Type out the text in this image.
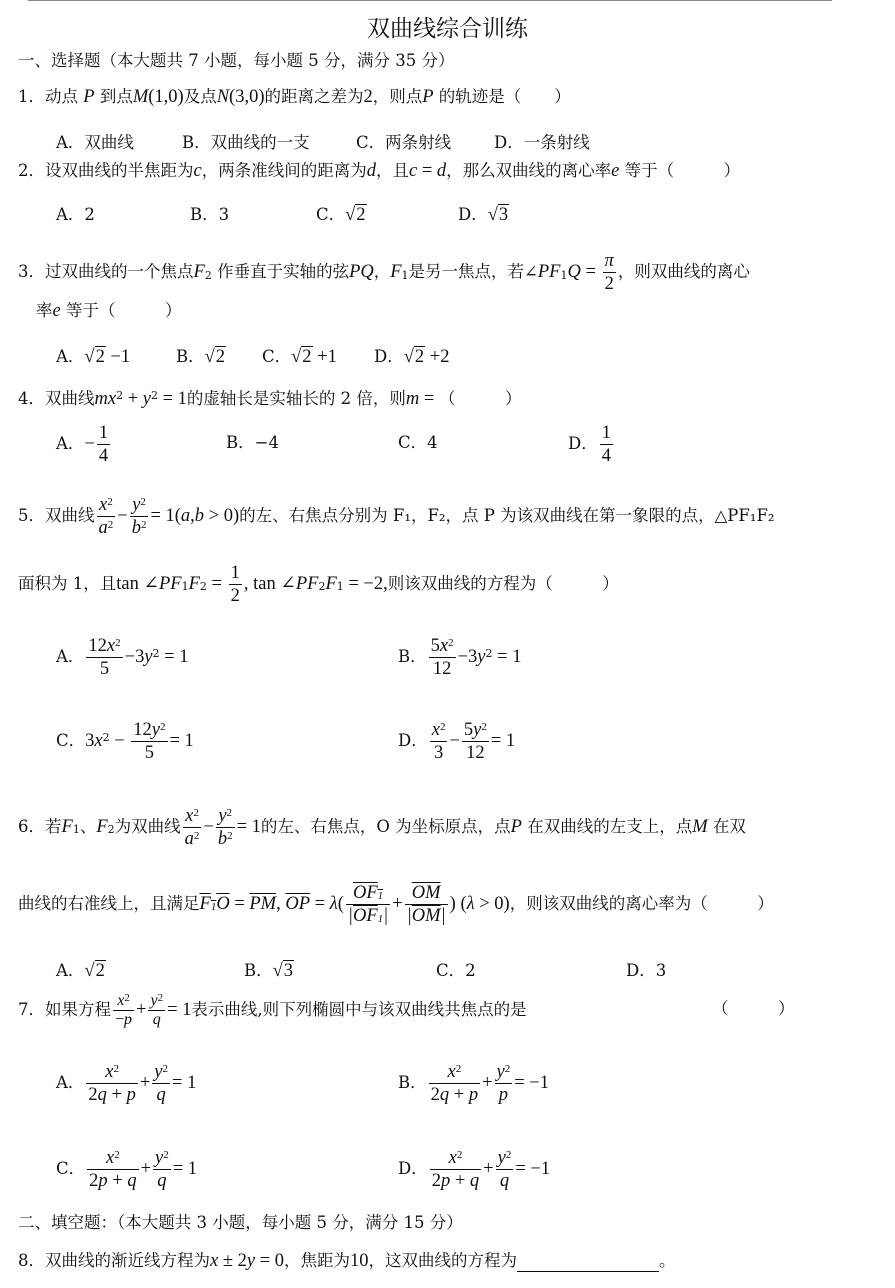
双曲线综合训练
一、选择题（本大题共 7 小题，每小题 5 分，满分 35 分）
1．动点 P 到点M(1,0)及点N(3,0)的距离之差为2，则点P 的轨迹是（　　）
A．双曲线	B．双曲线的一支	C．两条射线	D．一条射线
2．设双曲线的半焦距为c，两条准线间的距离为d，且c = d，那么双曲线的离心率e 等于（　　　）
A．2	B．3	C．√2	D．√3
3．过双曲线的一个焦点$F_2$ 作垂直于实轴的弦PQ，$F_1$是另一焦点，若$\angle PF_1Q = \frac{\pi}{2}$ ，则双曲线的离心
率e 等于（　　　）
A．√2 −1	B．√2 C．√2 +1 D．√2 +2
4．双曲线$mx^2 + y^2 = 1$的虚轴长是实轴长的 2 倍，则m = （　　　）
A．− $\frac{1}{4}$	B．−4	C．4	D． $\frac{1}{4}$
5．双曲线 $\frac{x^2}{a^2} - \frac{y^2}{b^2} = 1(a,b > 0)$的左、右焦点分别为 F₁，F₂，点 P 为该双曲线在第一象限的点，△PF₁F₂
面积为 1，且$\tan \angle PF_1F_2 = \frac{1}{2}$ , $\tan \angle PF_2F_1 = -2$,则该双曲线的方程为（　　　）
A． $\frac{12x^2}{5} -3y^2 = 1$	B． $\frac{5x^2}{12} -3y^2 = 1$
C．$3x^2 - \frac{12y^2}{5} = 1$	D． $\frac{x^2}{3} - \frac{5y^2}{12} = 1$
6．若$F_1$、$F_2$为双曲线 $\frac{x^2}{a^2} - \frac{y^2}{b^2} = 1$的左、右焦点，O 为坐标原点，点P 在双曲线的左支上，点M 在双
曲线的右准线上，且满足$F_1O = \overline{PM}$, $\overline{OP} = \lambda( \frac{OF_1}{|\overline{OF}_1|} + \frac{\overline{OM}}{|\overline{OM}|}$ ) (λ > 0)，则该双曲线的离心率为（　　　）
A．√2	B．√3	C．2	D．3
7．如果方程 $\frac{x^2}{-p} + \frac{y^2}{q} = 1$表示曲线,则下列椭圆中与该双曲线共焦点的是	（　　　）
A． $\frac{x^2}{2q + p} + \frac{y^2}{q} = 1$	B． $\frac{x^2}{2q + p} + \frac{y^2}{p} = -1$
C． $\frac{x^2}{2p + q} + \frac{y^2}{q} = 1$	D． $\frac{x^2}{2p + q} + \frac{y^2}{q} = -1$
二、填空题：（本大题共 3 小题，每小题 5 分，满分 15 分）
8．双曲线的渐近线方程为x ± 2y = 0，焦距为10，这双曲线的方程为	。
